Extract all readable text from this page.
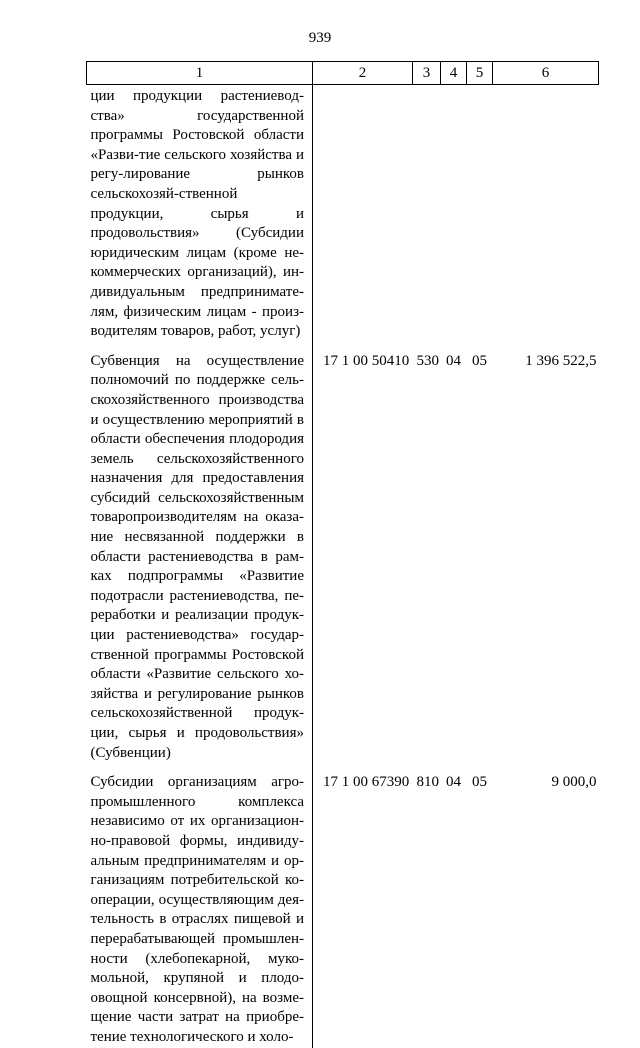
939
1	2	3	4	5	6
ции продукции растениевод-ства» государственной программы Ростовской области «Разви-тие сельского хозяйства и регу-лирование рынков сельскохозяй-ственной продукции, сырья и продовольствия» (Субсидии юридическим лицам (кроме не-коммерческих организаций), ин-дивидуальным предпринимате-лям, физическим лицам - произ-водителям товаров, работ, услуг)					
Субвенция на осуществление полномочий по поддержке сель-скохозяйственного производства и осуществлению мероприятий в области обеспечения плодородия земель сельскохозяйственного назначения для предоставления субсидий сельскохозяйственным товаропроизводителям на оказа-ние несвязанной поддержки в области растениеводства в рам-ках подпрограммы «Развитие подотрасли растениеводства, пе-реработки и реализации продук-ции растениеводства» государ-ственной программы Ростовской области «Развитие сельского хо-зяйства и регулирование рынков сельскохозяйственной продук-ции, сырья и продовольствия» (Субвенции)	17 1 00 50410	530	04	05	1 396 522,5
Субсидии организациям агро-промышленного комплекса независимо от их организацион-но-правовой формы, индивиду-альным предпринимателям и ор-ганизациям потребительской ко-операции, осуществляющим дея-тельность в отраслях пищевой и перерабатывающей промышлен-ности (хлебопекарной, муко-мольной, крупяной и плодо-овощной консервной), на возме-щение части затрат на приобре-тение технологического и холо-	17 1 00 67390	810	04	05	9 000,0
